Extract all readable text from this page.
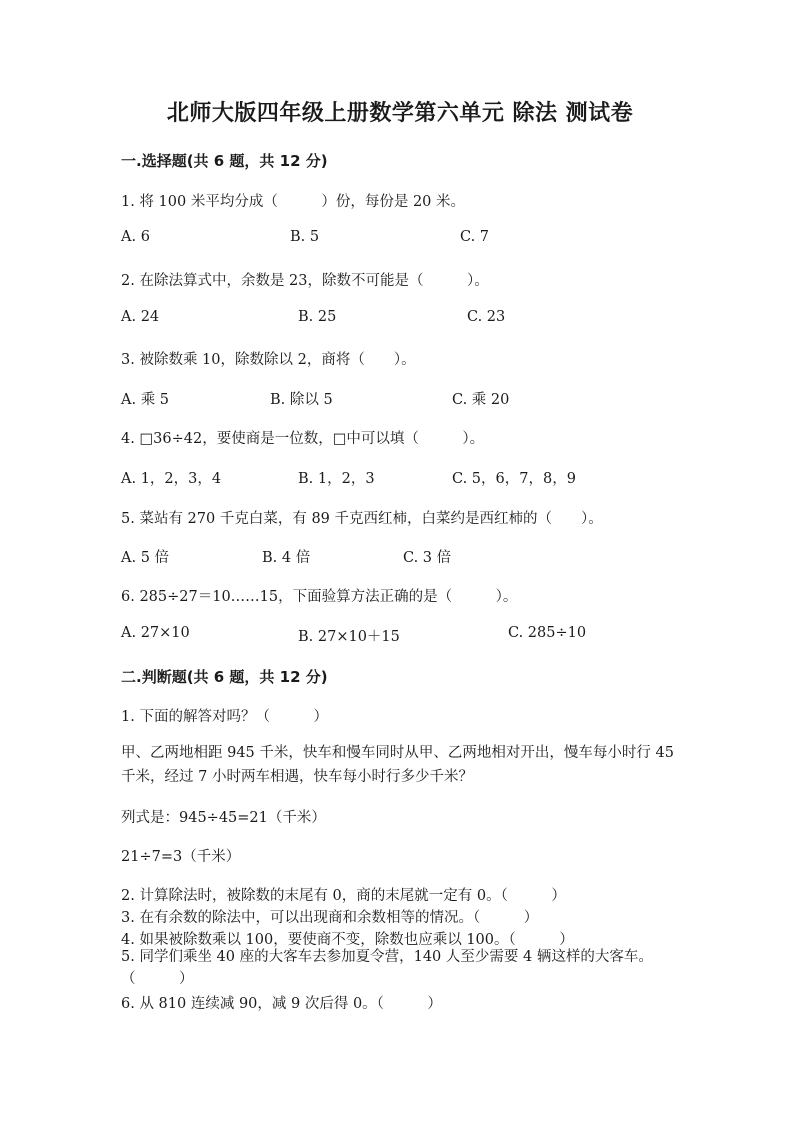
北师大版四年级上册数学第六单元 除法 测试卷
一.选择题(共 6 题，共 12 分)
1. 将 100 米平均分成（　　　）份，每份是 20 米。
A. 6	B. 5	C. 7
2. 在除法算式中，余数是 23，除数不可能是（　　　）。
A. 24	B. 25	C. 23
3. 被除数乘 10，除数除以 2，商将（　　）。
A. 乘 5	B. 除以 5	C. 乘 20
4. □36÷42，要使商是一位数，□中可以填（　　　）。
A. 1，2，3，4	B. 1，2，3	C. 5，6，7，8，9
5. 菜站有 270 千克白菜，有 89 千克西红柿，白菜约是西红柿的（　　）。
A. 5 倍	B. 4 倍	C. 3 倍
6. 285÷27＝10……15，下面验算方法正确的是（　　　）。
A. 27×10	B. 27×10＋15	C. 285÷10
二.判断题(共 6 题，共 12 分)
1. 下面的解答对吗？（　　　）
甲、乙两地相距 945 千米，快车和慢车同时从甲、乙两地相对开出，慢车每小时行 45 千米，经过 7 小时两车相遇，快车每小时行多少千米？
列式是：945÷45=21（千米）
21÷7=3（千米）
2. 计算除法时，被除数的末尾有 0，商的末尾就一定有 0。（　　　）
3. 在有余数的除法中，可以出现商和余数相等的情况。（　　　）
4. 如果被除数乘以 100，要使商不变，除数也应乘以 100。（　　　）
5. 同学们乘坐 40 座的大客车去参加夏令营，140 人至少需要 4 辆这样的大客车。（　　　）
6. 从 810 连续减 90，减 9 次后得 0。（　　　）
